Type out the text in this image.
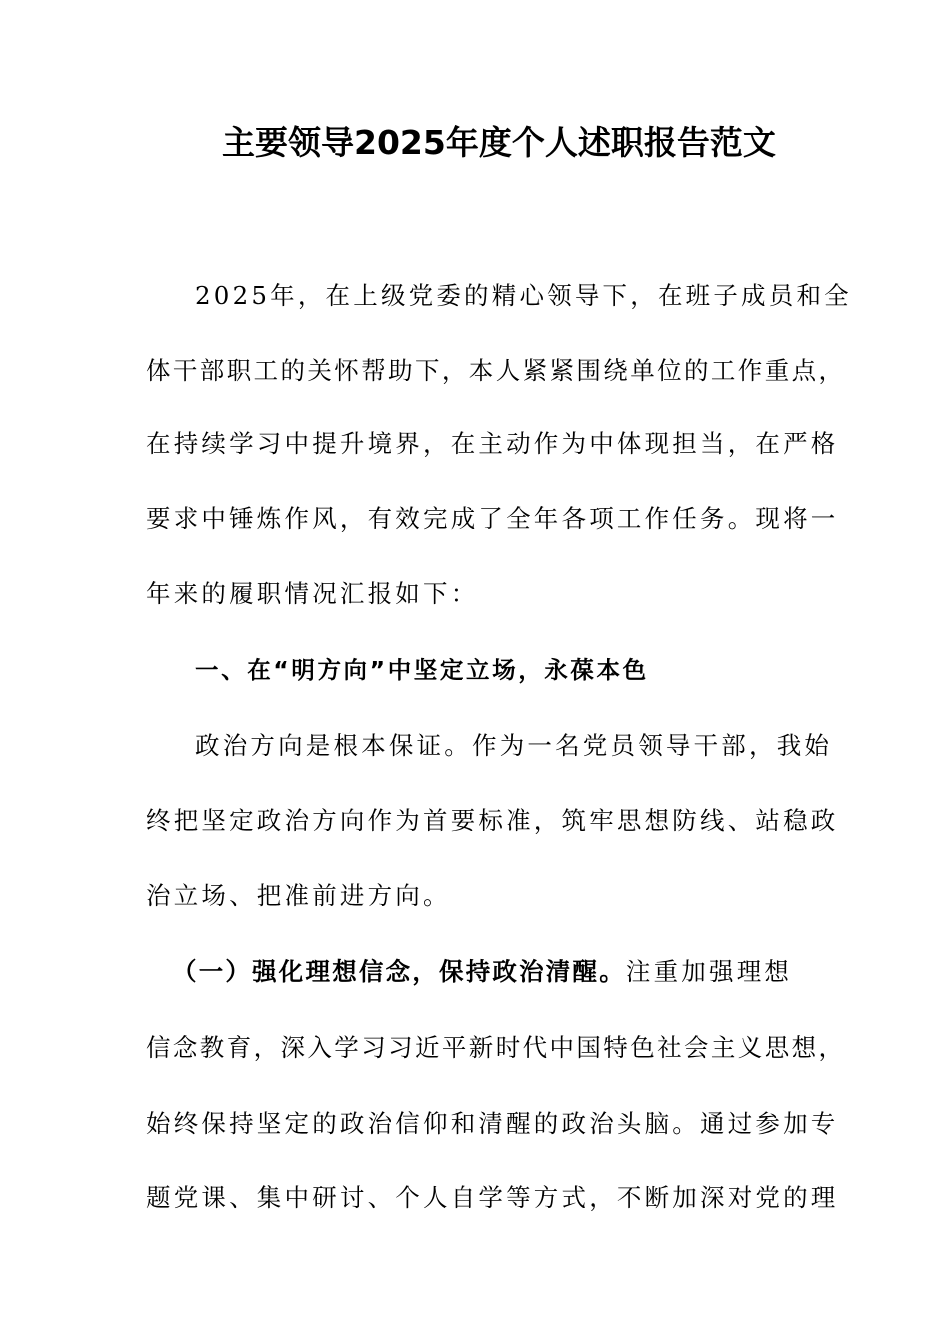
主要领导2025年度个人述职报告范文
2025年，在上级党委的精心领导下，在班子成员和全
体干部职工的关怀帮助下，本人紧紧围绕单位的工作重点，
在持续学习中提升境界，在主动作为中体现担当，在严格
要求中锤炼作风，有效完成了全年各项工作任务。现将一
年来的履职情况汇报如下：
一、在“明方向”中坚定立场，永葆本色
政治方向是根本保证。作为一名党员领导干部，我始
终把坚定政治方向作为首要标准，筑牢思想防线、站稳政
治立场、把准前进方向。
（一）强化理想信念，保持政治清醒。注重加强理想
信念教育，深入学习习近平新时代中国特色社会主义思想，
始终保持坚定的政治信仰和清醒的政治头脑。通过参加专
题党课、集中研讨、个人自学等方式，不断加深对党的理
